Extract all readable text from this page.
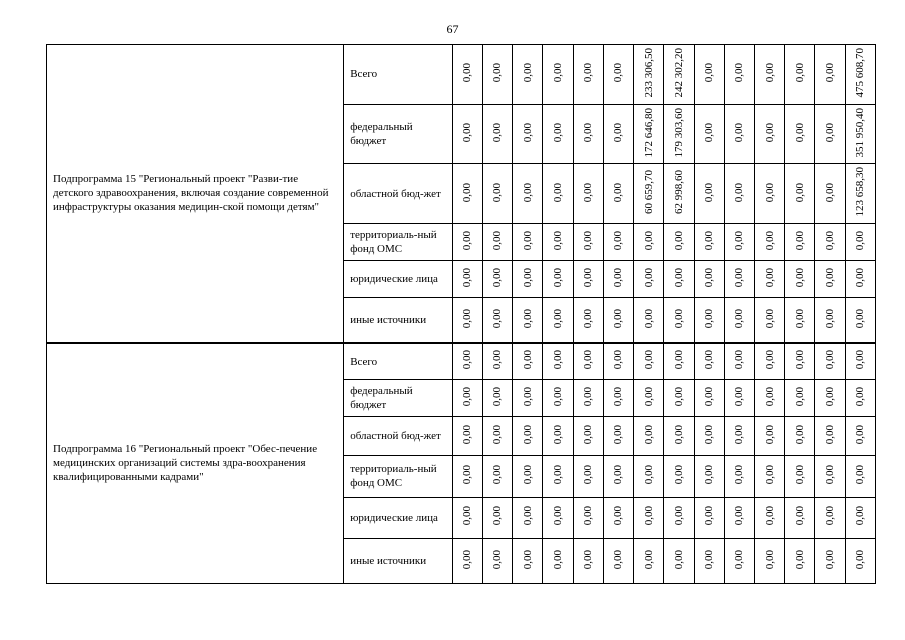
67
Подпрограмма 15 "Региональный проект "Разви-тие детского здравоохранения, включая создание современной инфраструктуры оказания медицин-ской помощи детям"	Всего	0,00	0,00	0,00	0,00	0,00	0,00	233 306,50	242 302,20	0,00	0,00	0,00	0,00	0,00	475 608,70
	федеральный бюджет	0,00	0,00	0,00	0,00	0,00	0,00	172 646,80	179 303,60	0,00	0,00	0,00	0,00	0,00	351 950,40
	областной бюд-жет	0,00	0,00	0,00	0,00	0,00	0,00	60 659,70	62 998,60	0,00	0,00	0,00	0,00	0,00	123 658,30
	территориаль-ный фонд ОМС	0,00	0,00	0,00	0,00	0,00	0,00	0,00	0,00	0,00	0,00	0,00	0,00	0,00	0,00
	юридические лица	0,00	0,00	0,00	0,00	0,00	0,00	0,00	0,00	0,00	0,00	0,00	0,00	0,00	0,00
	иные источники	0,00	0,00	0,00	0,00	0,00	0,00	0,00	0,00	0,00	0,00	0,00	0,00	0,00	0,00
Подпрограмма 16 "Региональный проект "Обес-печение медицинских организаций системы здра-воохранения квалифицированными кадрами"	Всего	0,00	0,00	0,00	0,00	0,00	0,00	0,00	0,00	0,00	0,00	0,00	0,00	0,00	0,00
	федеральный бюджет	0,00	0,00	0,00	0,00	0,00	0,00	0,00	0,00	0,00	0,00	0,00	0,00	0,00	0,00
	областной бюд-жет	0,00	0,00	0,00	0,00	0,00	0,00	0,00	0,00	0,00	0,00	0,00	0,00	0,00	0,00
	территориаль-ный фонд ОМС	0,00	0,00	0,00	0,00	0,00	0,00	0,00	0,00	0,00	0,00	0,00	0,00	0,00	0,00
	юридические лица	0,00	0,00	0,00	0,00	0,00	0,00	0,00	0,00	0,00	0,00	0,00	0,00	0,00	0,00
	иные источники	0,00	0,00	0,00	0,00	0,00	0,00	0,00	0,00	0,00	0,00	0,00	0,00	0,00	0,00
